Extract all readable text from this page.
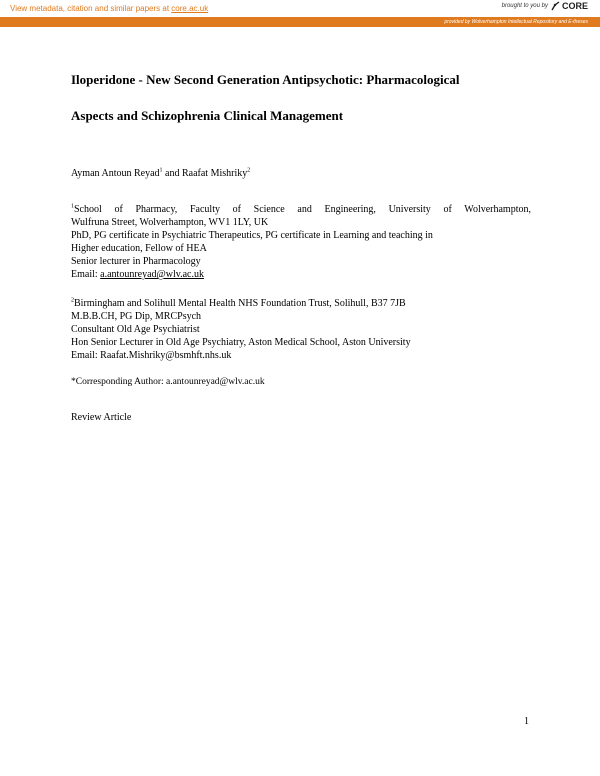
View metadata, citation and similar papers at core.ac.uk	brought to you by CORE
provided by Wolverhampton Intellectual Repository and E-theses
Iloperidone - New Second Generation Antipsychotic: Pharmacological
Aspects and Schizophrenia Clinical Management
Ayman Antoun Reyad$^1$ and Raafat Mishriky$^2$
$^1$School of Pharmacy, Faculty of Science and Engineering, University of Wolverhampton,
Wulfruna Street, Wolverhampton, WV1 1LY, UK
PhD, PG certificate in Psychiatric Therapeutics, PG certificate in Learning and teaching in
Higher education, Fellow of HEA
Senior lecturer in Pharmacology
Email: a.antounreyad@wlv.ac.uk
$^2$Birmingham and Solihull Mental Health NHS Foundation Trust, Solihull, B37 7JB
M.B.B.CH, PG Dip, MRCPsych
Consultant Old Age Psychiatrist
Hon Senior Lecturer in Old Age Psychiatry, Aston Medical School, Aston University
Email: Raafat.Mishriky@bsmhft.nhs.uk
*Corresponding Author: a.antounreyad@wlv.ac.uk
Review Article
1
